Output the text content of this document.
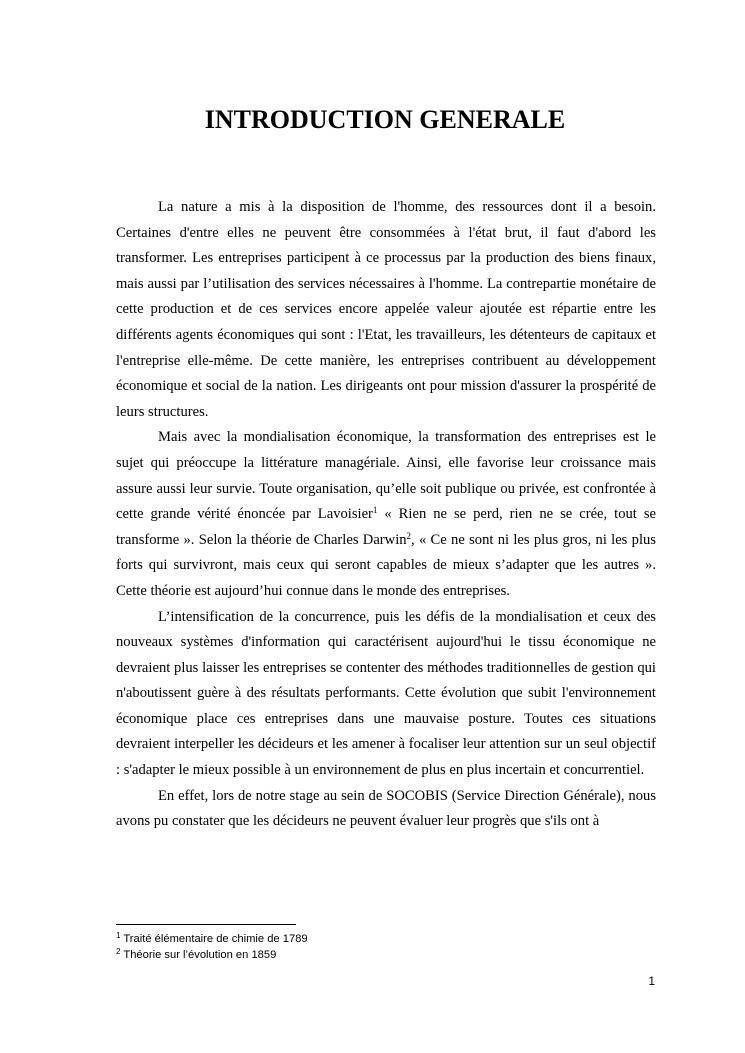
INTRODUCTION GENERALE

La nature a mis à la disposition de l'homme, des ressources dont il a besoin. Certaines d'entre elles ne peuvent être consommées à l'état brut, il faut d'abord les transformer. Les entreprises participent à ce processus par la production des biens finaux, mais aussi par l’utilisation des services nécessaires à l'homme. La contrepartie monétaire de cette production et de ces services encore appelée valeur ajoutée est répartie entre les différents agents économiques qui sont : l'Etat, les travailleurs, les détenteurs de capitaux et l'entreprise elle-même. De cette manière, les entreprises contribuent au développement économique et social de la nation. Les dirigeants ont pour mission d'assurer la prospérité de leurs structures.

Mais avec la mondialisation économique, la transformation des entreprises est le sujet qui préoccupe la littérature managériale. Ainsi, elle favorise leur croissance mais assure aussi leur survie. Toute organisation, qu’elle soit publique ou privée, est confrontée à cette grande vérité énoncée par Lavoisier$^1$ « Rien ne se perd, rien ne se crée, tout se transforme ». Selon la théorie de Charles Darwin$^2$, « Ce ne sont ni les plus gros, ni les plus forts qui survivront, mais ceux qui seront capables de mieux s’adapter que les autres ». Cette théorie est aujourd’hui connue dans le monde des entreprises.

L’intensification de la concurrence, puis les défis de la mondialisation et ceux des nouveaux systèmes d'information qui caractérisent aujourd'hui le tissu économique ne devraient plus laisser les entreprises se contenter des méthodes traditionnelles de gestion qui n'aboutissent guère à des résultats performants. Cette évolution que subit l'environnement économique place ces entreprises dans une mauvaise posture. Toutes ces situations devraient interpeller les décideurs et les amener à focaliser leur attention sur un seul objectif : s'adapter le mieux possible à un environnement de plus en plus incertain et concurrentiel.

En effet, lors de notre stage au sein de SOCOBIS (Service Direction Générale), nous avons pu constater que les décideurs ne peuvent évaluer leur progrès que s'ils ont à

$^1$ Traité élémentaire de chimie de 1789
$^2$ Théorie sur l’évolution en 1859
1
